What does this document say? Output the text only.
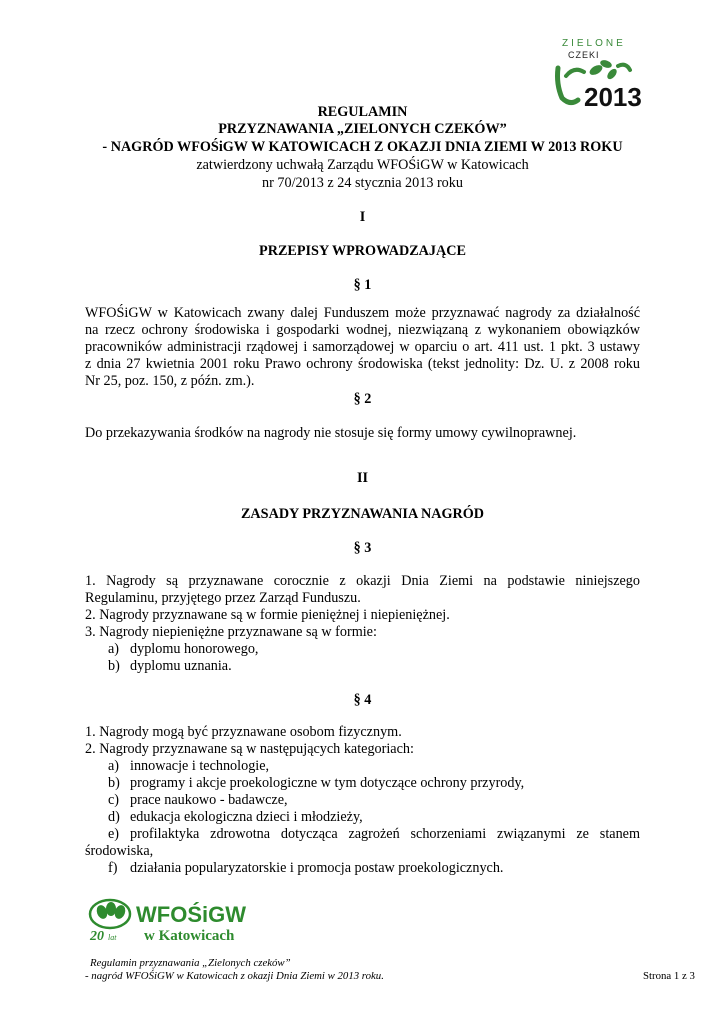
ZIELONE
CZEKI
2013
REGULAMIN
PRZYZNAWANIA „ZIELONYCH CZEKÓW”
- NAGRÓD WFOŚiGW W KATOWICACH Z OKAZJI DNIA ZIEMI W 2013 ROKU
zatwierdzony uchwałą Zarządu WFOŚiGW w Katowicach
nr 70/2013 z 24 stycznia 2013 roku
I
PRZEPISY WPROWADZAJĄCE
§ 1
WFOŚiGW w Katowicach zwany dalej Funduszem może przyznawać nagrody za działalność
na rzecz ochrony środowiska i gospodarki wodnej, niezwiązaną z wykonaniem obowiązków
pracowników administracji rządowej i samorządowej w oparciu o art. 411 ust. 1 pkt. 3 ustawy
z dnia 27 kwietnia 2001 roku Prawo ochrony środowiska (tekst jednolity: Dz. U. z 2008 roku
Nr 25, poz. 150, z późn. zm.).
§ 2
Do przekazywania środków na nagrody nie stosuje się formy umowy cywilnoprawnej.
II
ZASADY PRZYZNAWANIA NAGRÓD
§ 3
1. Nagrody są przyznawane corocznie z okazji Dnia Ziemi na podstawie niniejszego
Regulaminu, przyjętego przez Zarząd Funduszu.
2. Nagrody przyznawane są w formie pieniężnej i niepieniężnej.
3. Nagrody niepieniężne przyznawane są w formie:
a) dyplomu honorowego,
b) dyplomu uznania.
§ 4
1. Nagrody mogą być przyznawane osobom fizycznym.
2. Nagrody przyznawane są w następujących kategoriach:
a) innowacje i technologie,
b) programy i akcje proekologiczne w tym dotyczące ochrony przyrody,
c) prace naukowo - badawcze,
d) edukacja ekologiczna dzieci i młodzieży,
e) profilaktyka zdrowotna dotycząca zagrożeń schorzeniami związanymi ze stanem
środowiska,
f) działania popularyzatorskie i promocja postaw proekologicznych.
20 lat
WFOŚiGW
w Katowicach
Regulamin przyznawania „Zielonych czeków”
- nagród WFOŚiGW w Katowicach z okazji Dnia Ziemi w 2013 roku.	Strona 1 z 3
